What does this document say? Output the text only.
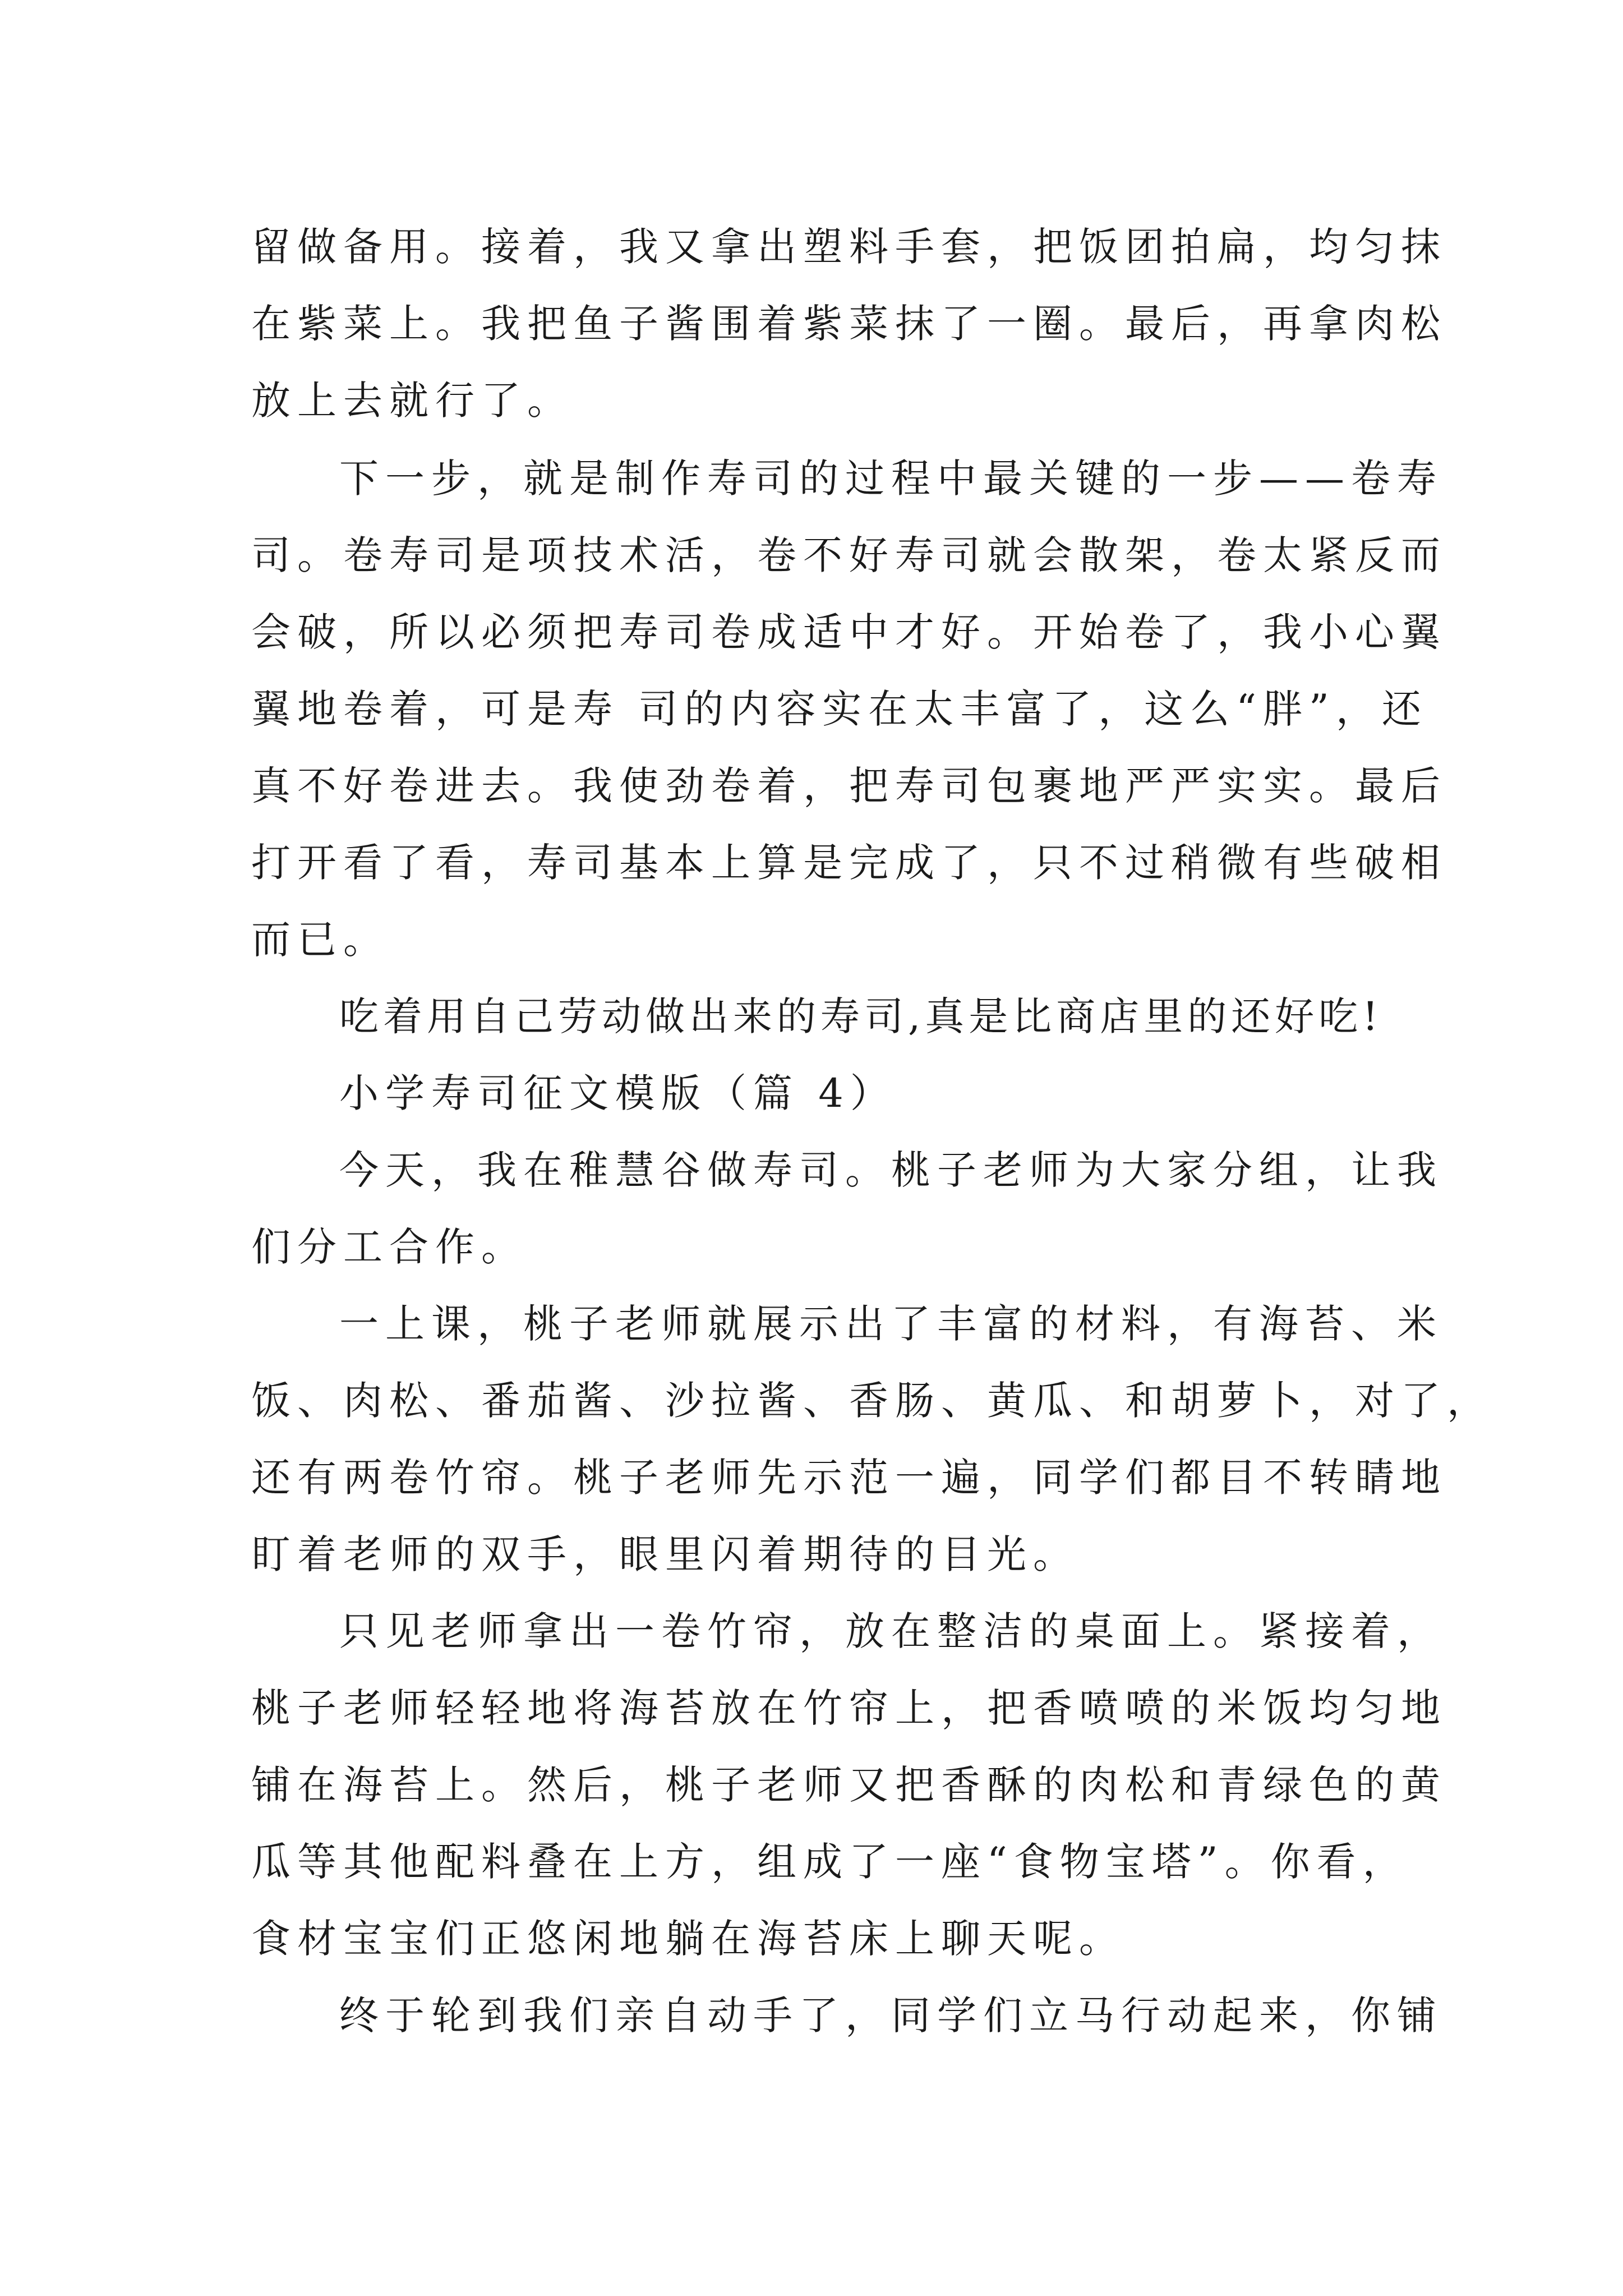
留做备用。接着，我又拿出塑料手套，把饭团拍扁，均匀抹
在紫菜上。我把鱼子酱围着紫菜抹了一圈。最后，再拿肉松
放上去就行了。
下一步，就是制作寿司的过程中最关键的一步——卷寿
司。卷寿司是项技术活，卷不好寿司就会散架，卷太紧反而
会破，所以必须把寿司卷成适中才好。开始卷了，我小心翼
翼地卷着，可是寿 司的内容实在太丰富了，这么“胖”，还
真不好卷进去。我使劲卷着，把寿司包裹地严严实实。最后
打开看了看，寿司基本上算是完成了，只不过稍微有些破相
而已。
吃着用自己劳动做出来的寿司,真是比商店里的还好吃!
小学寿司征文模版（篇 4）
今天，我在稚慧谷做寿司。桃子老师为大家分组，让我
们分工合作。
一上课，桃子老师就展示出了丰富的材料，有海苔、米
饭、肉松、番茄酱、沙拉酱、香肠、黄瓜、和胡萝卜，对了，
还有两卷竹帘。桃子老师先示范一遍，同学们都目不转睛地
盯着老师的双手，眼里闪着期待的目光。
只见老师拿出一卷竹帘，放在整洁的桌面上。紧接着，
桃子老师轻轻地将海苔放在竹帘上，把香喷喷的米饭均匀地
铺在海苔上。然后，桃子老师又把香酥的肉松和青绿色的黄
瓜等其他配料叠在上方，组成了一座“食物宝塔”。你看，
食材宝宝们正悠闲地躺在海苔床上聊天呢。
终于轮到我们亲自动手了，同学们立马行动起来，你铺
